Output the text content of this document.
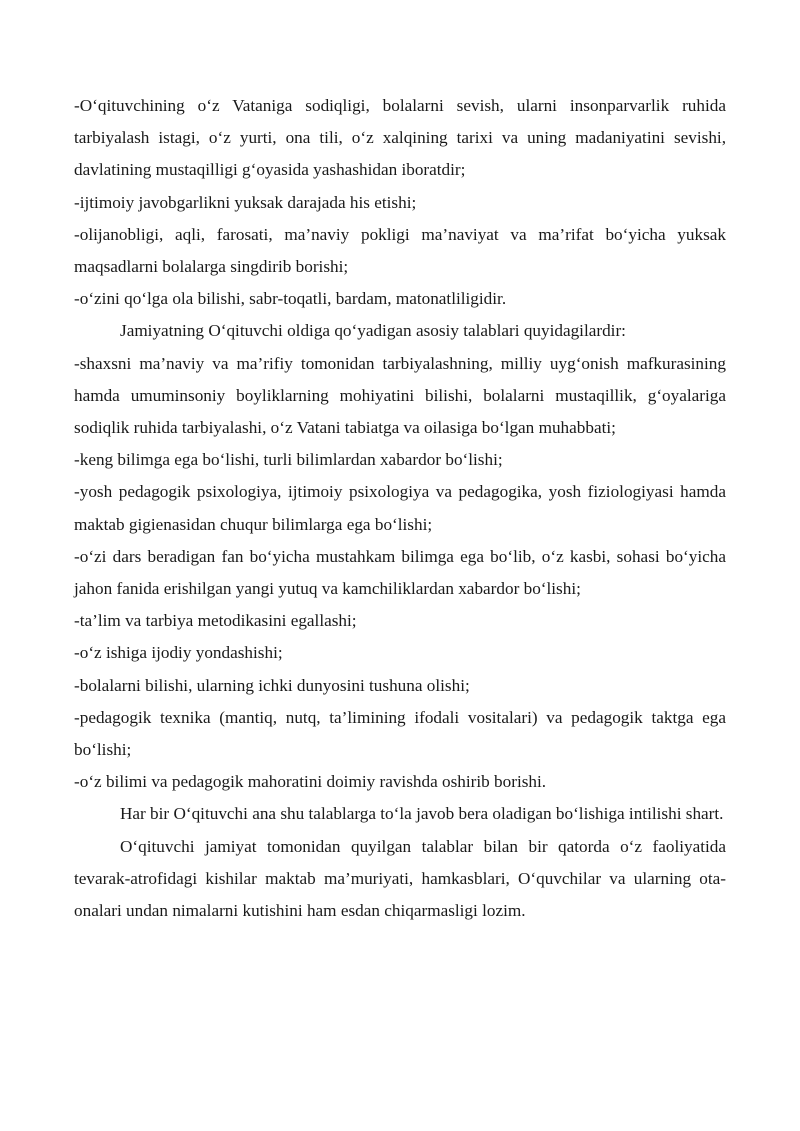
-O‘qituvchining o‘z Vataniga sodiqligi, bolalarni sevish, ularni insonparvarlik ruhida tarbiyalash istagi, o‘z yurti, ona tili, o‘z xalqining tarixi va uning madaniyatini sevishi, davlatining mustaqilligi g‘oyasida yashashidan iboratdir;

-ijtimoiy javobgarlikni yuksak darajada his etishi;

-olijanobligi, aqli, farosati, ma’naviy pokligi ma’naviyat va ma’rifat bo‘yicha yuksak maqsadlarni bolalarga singdirib borishi;

-o‘zini qo‘lga ola bilishi, sabr-toqatli, bardam, matonatliligidir.

Jamiyatning O‘qituvchi oldiga qo‘yadigan asosiy talablari quyidagilardir:

-shaxsni ma’naviy va ma’rifiy tomonidan tarbiyalashning, milliy uyg‘onish mafkurasining hamda umuminsoniy boyliklarning mohiyatini bilishi, bolalarni mustaqillik, g‘oyalariga sodiqlik ruhida tarbiyalashi, o‘z Vatani tabiatga va oilasiga bo‘lgan muhabbati;

-keng bilimga ega bo‘lishi, turli bilimlardan xabardor bo‘lishi;

-yosh pedagogik psixologiya, ijtimoiy psixologiya va pedagogika, yosh fiziologiyasi hamda maktab gigienasidan chuqur bilimlarga ega bo‘lishi;

-o‘zi dars beradigan fan bo‘yicha mustahkam bilimga ega bo‘lib, o‘z kasbi, sohasi bo‘yicha jahon fanida erishilgan yangi yutuq va kamchiliklardan xabardor bo‘lishi;

-ta’lim va tarbiya metodikasini egallashi;

-o‘z ishiga ijodiy yondashishi;

-bolalarni bilishi, ularning ichki dunyosini tushuna olishi;

-pedagogik texnika (mantiq, nutq, ta’limining ifodali vositalari) va pedagogik taktga ega bo‘lishi;

-o‘z bilimi va pedagogik mahoratini doimiy ravishda oshirib borishi.

Har bir O‘qituvchi ana shu talablarga to‘la javob bera oladigan bo‘lishiga intilishi shart.

O‘qituvchi jamiyat tomonidan quyilgan talablar bilan bir qatorda o‘z faoliyatida tevarak-atrofidagi kishilar maktab ma’muriyati, hamkasblari, O‘quvchilar va ularning ota-onalari undan nimalarni kutishini ham esdan chiqarmasligi lozim.
